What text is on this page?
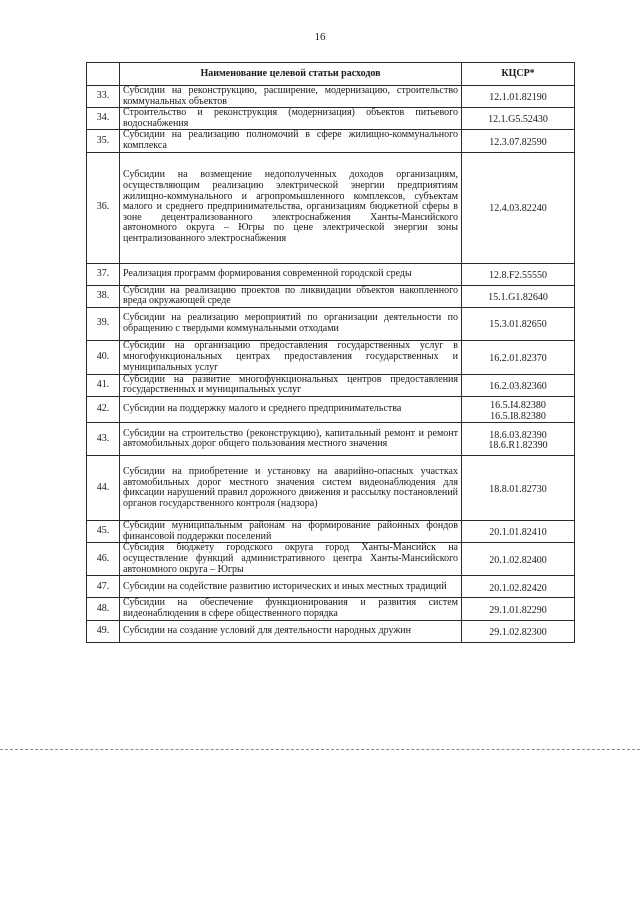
16
	Наименование целевой статьи расходов	КЦСР*
33.	Субсидии на реконструкцию, расширение, модернизацию, строительство коммунальных объектов	12.1.01.82190

34.	Строительство и реконструкция (модернизация) объектов питьевого водоснабжения	12.1.G5.52430

35.	Субсидии на реализацию полномочий в сфере жилищно-коммунального комплекса	12.3.07.82590

36.	Субсидии на возмещение недополученных доходов организациям, осуществляющим реализацию электрической энергии предприятиям жилищно-коммунального и агропромышленного комплексов, субъектам малого и среднего предпринимательства, организациям бюджетной сферы в зоне децентрализованного электроснабжения Ханты-Мансийского автономного округа – Югры по цене электрической энергии зоны централизованного электроснабжения	12.4.03.82240

37.	Реализация программ формирования современной городской среды	12.8.F2.55550

38.	Субсидии на реализацию проектов по ликвидации объектов накопленного вреда окружающей среде	15.1.G1.82640

39.	Субсидии на реализацию мероприятий по организации деятельности по обращению с твердыми коммунальными отходами	15.3.01.82650

40.	Субсидии на организацию предоставления государственных услуг в многофункциональных центрах предоставления государственных и муниципальных услуг	16.2.01.82370

41.	Субсидии на развитие многофункциональных центров предоставления государственных и муниципальных услуг	16.2.03.82360

42.	Субсидии на поддержку малого и среднего предпринимательства	16.5.I4.82380
16.5.I8.82380

43.	Субсидии на строительство (реконструкцию), капитальный ремонт и ремонт автомобильных дорог общего пользования местного значения	18.6.03.82390
18.6.R1.82390

44.	Субсидии на приобретение и установку на аварийно-опасных участках автомобильных дорог местного значения систем видеонаблюдения для фиксации нарушений правил дорожного движения и рассылку постановлений органов государственного контроля (надзора)	18.8.01.82730

45.	Субсидии муниципальным районам на формирование районных фондов финансовой поддержки поселений	20.1.01.82410

46.	Субсидия бюджету городского округа город Ханты-Мансийск на осуществление функций административного центра Ханты-Мансийского автономного округа – Югры	20.1.02.82400

47.	Субсидии на содействие развитию исторических и иных местных традиций	20.1.02.82420

48.	Субсидии на обеспечение функционирования и развития систем видеонаблюдения в сфере общественного порядка	29.1.01.82290

49.	Субсидии на создание условий для деятельности народных дружин	29.1.02.82300
